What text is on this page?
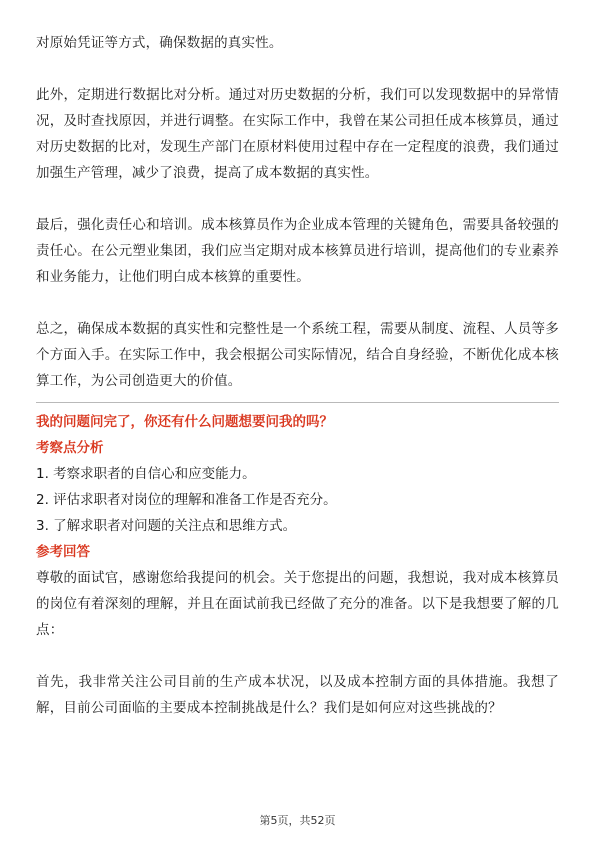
对原始凭证等方式，确保数据的真实性。

此外，定期进行数据比对分析。通过对历史数据的分析，我们可以发现数据中的异常情况，及时查找原因，并进行调整。在实际工作中，我曾在某公司担任成本核算员，通过对历史数据的比对，发现生产部门在原材料使用过程中存在一定程度的浪费，我们通过加强生产管理，减少了浪费，提高了成本数据的真实性。

最后，强化责任心和培训。成本核算员作为企业成本管理的关键角色，需要具备较强的责任心。在公元塑业集团，我们应当定期对成本核算员进行培训，提高他们的专业素养和业务能力，让他们明白成本核算的重要性。

总之，确保成本数据的真实性和完整性是一个系统工程，需要从制度、流程、人员等多个方面入手。在实际工作中，我会根据公司实际情况，结合自身经验，不断优化成本核算工作，为公司创造更大的价值。

我的问题问完了，你还有什么问题想要问我的吗？

考察点分析

1. 考察求职者的自信心和应变能力。
2. 评估求职者对岗位的理解和准备工作是否充分。
3. 了解求职者对问题的关注点和思维方式。

参考回答

尊敬的面试官，感谢您给我提问的机会。关于您提出的问题，我想说，我对成本核算员的岗位有着深刻的理解，并且在面试前我已经做了充分的准备。以下是我想要了解的几点：

首先，我非常关注公司目前的生产成本状况，以及成本控制方面的具体措施。我想了解，目前公司面临的主要成本控制挑战是什么？我们是如何应对这些挑战的？

第5页，共52页
